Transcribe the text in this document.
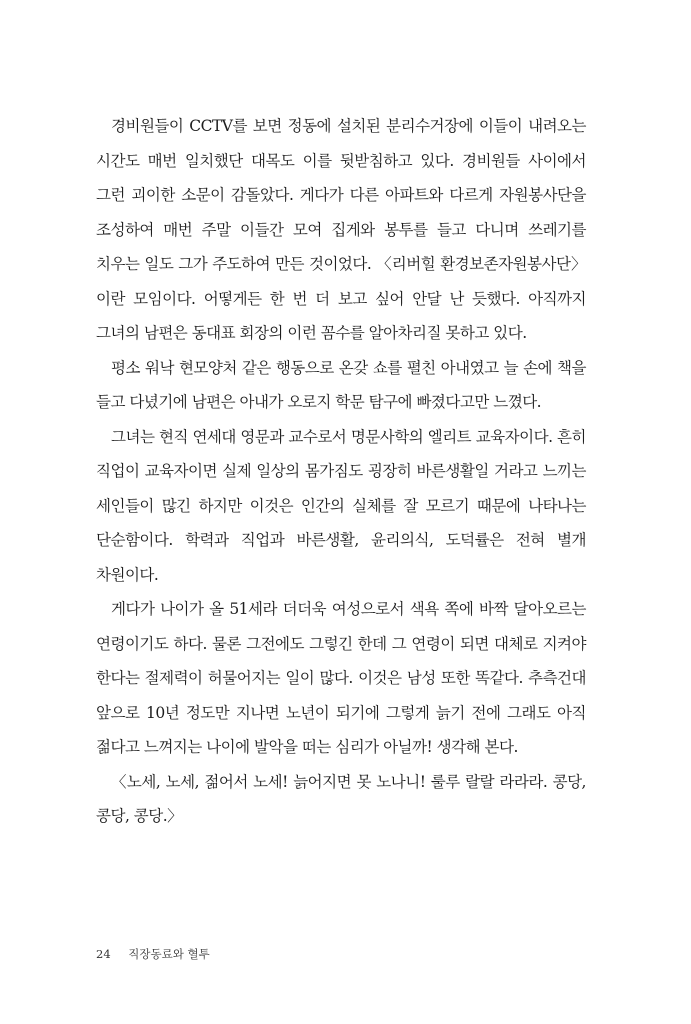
경비원들이 CCTV를 보면 정동에 설치된 분리수거장에 이들이 내려오는 시간도 매번 일치했단 대목도 이를 뒷받침하고 있다. 경비원들 사이에서 그런 괴이한 소문이 감돌았다. 게다가 다른 아파트와 다르게 자원봉사단을 조성하여 매번 주말 이들간 모여 집게와 봉투를 들고 다니며 쓰레기를 치우는 일도 그가 주도하여 만든 것이었다. 〈리버힐 환경보존자원봉사단〉이란 모임이다. 어떻게든 한 번 더 보고 싶어 안달 난 듯했다. 아직까지 그녀의 남편은 동대표 회장의 이런 꼼수를 알아차리질 못하고 있다.

평소 워낙 현모양처 같은 행동으로 온갖 쇼를 펼친 아내였고 늘 손에 책을 들고 다녔기에 남편은 아내가 오로지 학문 탐구에 빠졌다고만 느꼈다.

그녀는 현직 연세대 영문과 교수로서 명문사학의 엘리트 교육자이다. 흔히 직업이 교육자이면 실제 일상의 몸가짐도 굉장히 바른생활일 거라고 느끼는 세인들이 많긴 하지만 이것은 인간의 실체를 잘 모르기 때문에 나타나는 단순함이다. 학력과 직업과 바른생활, 윤리의식, 도덕률은 전혀 별개 차원이다.

게다가 나이가 올 51세라 더더욱 여성으로서 색욕 쪽에 바짝 달아오르는 연령이기도 하다. 물론 그전에도 그렇긴 한데 그 연령이 되면 대체로 지켜야 한다는 절제력이 허물어지는 일이 많다. 이것은 남성 또한 똑같다. 추측건대 앞으로 10년 정도만 지나면 노년이 되기에 그렇게 늙기 전에 그래도 아직 젊다고 느껴지는 나이에 발악을 떠는 심리가 아닐까! 생각해 본다.

〈노세, 노세, 젊어서 노세! 늙어지면 못 노나니! 룰루 랄랄 라라라. 콩당, 콩당, 콩당.〉

24 직장동료와 혈투
